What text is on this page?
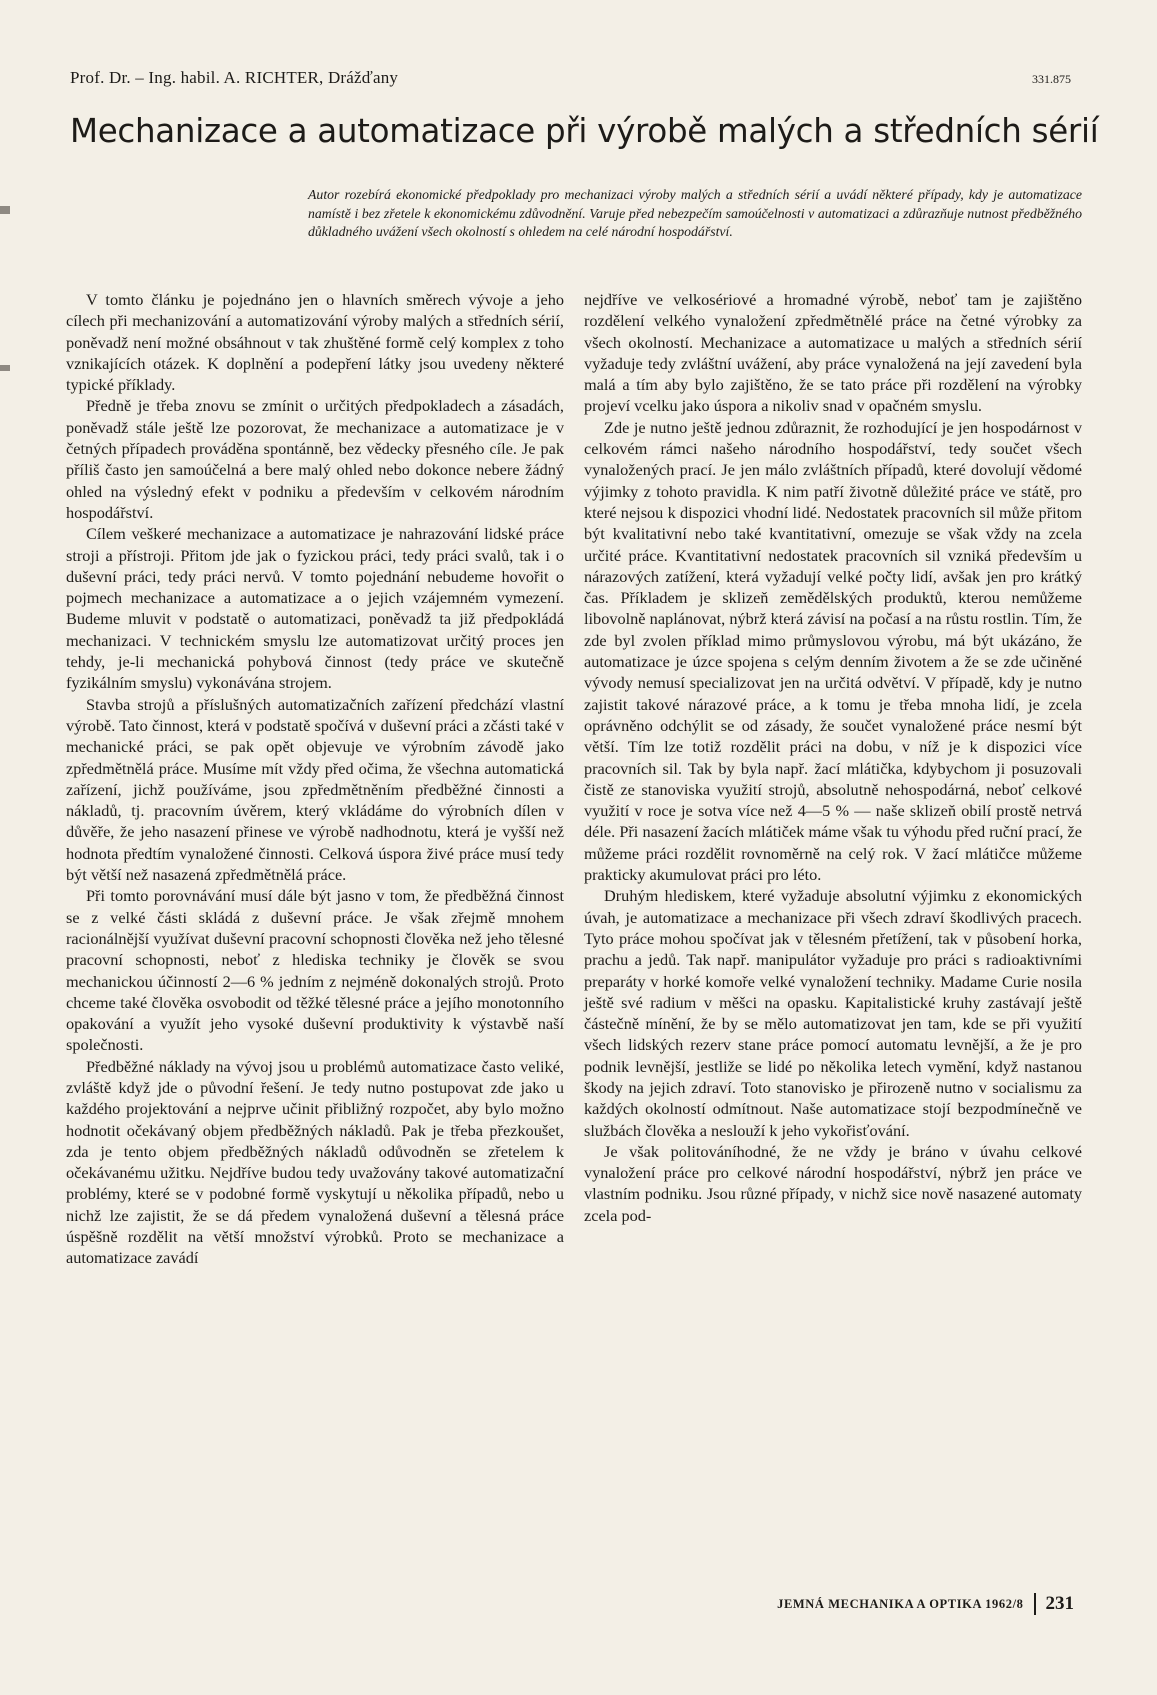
Prof. Dr. – Ing. habil. A. RICHTER, Drážďany	331.875
Mechanizace a automatizace při výrobě malých a středních sérií

Autor rozebírá ekonomické předpoklady pro mechanizaci výroby malých a středních sérií a uvádí některé případy, kdy je automatizace namístě i bez zřetele k ekonomickému zdůvodnění. Varuje před nebezpečím samoúčelnosti v automatizaci a zdůrazňuje nutnost předběžného důkladného uvážení všech okolností s ohledem na celé národní hospodářství.

V tomto článku je pojednáno jen o hlavních směrech vývoje a jeho cílech při mechanizování a automatizování výroby malých a středních sérií, poněvadž není možné obsáhnout v tak zhuštěné formě celý komplex z toho vznikajících otázek. K doplnění a podepření látky jsou uvedeny některé typické příklady.

Předně je třeba znovu se zmínit o určitých předpokladech a zásadách, poněvadž stále ještě lze pozorovat, že mechanizace a automatizace je v četných případech prováděna spontánně, bez vědecky přesného cíle. Je pak příliš často jen samoúčelná a bere malý ohled nebo dokonce nebere žádný ohled na výsledný efekt v podniku a především v celkovém národním hospodářství.

Cílem veškeré mechanizace a automatizace je nahrazování lidské práce stroji a přístroji. Přitom jde jak o fyzickou práci, tedy práci svalů, tak i o duševní práci, tedy práci nervů. V tomto pojednání nebudeme hovořit o pojmech mechanizace a automatizace a o jejich vzájemném vymezení. Budeme mluvit v podstatě o automatizaci, poněvadž ta již předpokládá mechanizaci. V technickém smyslu lze automatizovat určitý proces jen tehdy, je-li mechanická pohybová činnost (tedy práce ve skutečně fyzikálním smyslu) vykonávána strojem.

Stavba strojů a příslušných automatizačních zařízení předchází vlastní výrobě. Tato činnost, která v podstatě spočívá v duševní práci a zčásti také v mechanické práci, se pak opět objevuje ve výrobním závodě jako zpředmětnělá práce. Musíme mít vždy před očima, že všechna automatická zařízení, jichž používáme, jsou zpředmětněním předběžné činnosti a nákladů, tj. pracovním úvěrem, který vkládáme do výrobních dílen v důvěře, že jeho nasazení přinese ve výrobě nadhodnotu, která je vyšší než hodnota předtím vynaložené činnosti. Celková úspora živé práce musí tedy být větší než nasazená zpředmětnělá práce.

Při tomto porovnávání musí dále být jasno v tom, že předběžná činnost se z velké části skládá z duševní práce. Je však zřejmě mnohem racionálnější využívat duševní pracovní schopnosti člověka než jeho tělesné pracovní schopnosti, neboť z hlediska techniky je člověk se svou mechanickou účinností 2—6 % jedním z nejméně dokonalých strojů. Proto chceme také člověka osvobodit od těžké tělesné práce a jejího monotonního opakování a využít jeho vysoké duševní produktivity k výstavbě naší společnosti.

Předběžné náklady na vývoj jsou u problémů automatizace často veliké, zvláště když jde o původní řešení. Je tedy nutno postupovat zde jako u každého projektování a nejprve učinit přibližný rozpočet, aby bylo možno hodnotit očekávaný objem předběžných nákladů. Pak je třeba přezkoušet, zda je tento objem předběžných nákladů odůvodněn se zřetelem k očekávanému užitku. Nejdříve budou tedy uvažovány takové automatizační problémy, které se v podobné formě vyskytují u několika případů, nebo u nichž lze zajistit, že se dá předem vynaložená duševní a tělesná práce úspěšně rozdělit na větší množství výrobků. Proto se mechanizace a automatizace zavádí

nejdříve ve velkosériové a hromadné výrobě, neboť tam je zajištěno rozdělení velkého vynaložení zpředmětnělé práce na četné výrobky za všech okolností. Mechanizace a automatizace u malých a středních sérií vyžaduje tedy zvláštní uvážení, aby práce vynaložená na její zavedení byla malá a tím aby bylo zajištěno, že se tato práce při rozdělení na výrobky projeví vcelku jako úspora a nikoliv snad v opačném smyslu.

Zde je nutno ještě jednou zdůraznit, že rozhodující je jen hospodárnost v celkovém rámci našeho národního hospodářství, tedy součet všech vynaložených prací. Je jen málo zvláštních případů, které dovolují vědomé výjimky z tohoto pravidla. K nim patří životně důležité práce ve státě, pro které nejsou k dispozici vhodní lidé. Nedostatek pracovních sil může přitom být kvalitativní nebo také kvantitativní, omezuje se však vždy na zcela určité práce. Kvantitativní nedostatek pracovních sil vzniká především u nárazových zatížení, která vyžadují velké počty lidí, avšak jen pro krátký čas. Příkladem je sklizeň zemědělských produktů, kterou nemůžeme libovolně naplánovat, nýbrž která závisí na počasí a na růstu rostlin. Tím, že zde byl zvolen příklad mimo průmyslovou výrobu, má být ukázáno, že automatizace je úzce spojena s celým denním životem a že se zde učiněné vývody nemusí specializovat jen na určitá odvětví. V případě, kdy je nutno zajistit takové nárazové práce, a k tomu je třeba mnoha lidí, je zcela oprávněno odchýlit se od zásady, že součet vynaložené práce nesmí být větší. Tím lze totiž rozdělit práci na dobu, v níž je k dispozici více pracovních sil. Tak by byla např. žací mlátička, kdybychom ji posuzovali čistě ze stanoviska využití strojů, absolutně nehospodárná, neboť celkové využití v roce je sotva více než 4—5 % — naše sklizeň obilí prostě netrvá déle. Při nasazení žacích mlátiček máme však tu výhodu před ruční prací, že můžeme práci rozdělit rovnoměrně na celý rok. V žací mlátičce můžeme prakticky akumulovat práci pro léto.

Druhým hlediskem, které vyžaduje absolutní výjimku z ekonomických úvah, je automatizace a mechanizace při všech zdraví škodlivých pracech. Tyto práce mohou spočívat jak v tělesném přetížení, tak v působení horka, prachu a jedů. Tak např. manipulátor vyžaduje pro práci s radioaktivními preparáty v horké komoře velké vynaložení techniky. Madame Curie nosila ještě své radium v měšci na opasku. Kapitalistické kruhy zastávají ještě částečně mínění, že by se mělo automatizovat jen tam, kde se při využití všech lidských rezerv stane práce pomocí automatu levnější, a že je pro podnik levnější, jestliže se lidé po několika letech vymění, když nastanou škody na jejich zdraví. Toto stanovisko je přirozeně nutno v socialismu za každých okolností odmítnout. Naše automatizace stojí bezpodmínečně ve službách člověka a neslouží k jeho vykořisťování.

Je však politováníhodné, že ne vždy je bráno v úvahu celkové vynaložení práce pro celkové národní hospodářství, nýbrž jen práce ve vlastním podniku. Jsou různé případy, v nichž sice nově nasazené automaty zcela pod-

JEMNÁ MECHANIKA A OPTIKA 1962/8 231
